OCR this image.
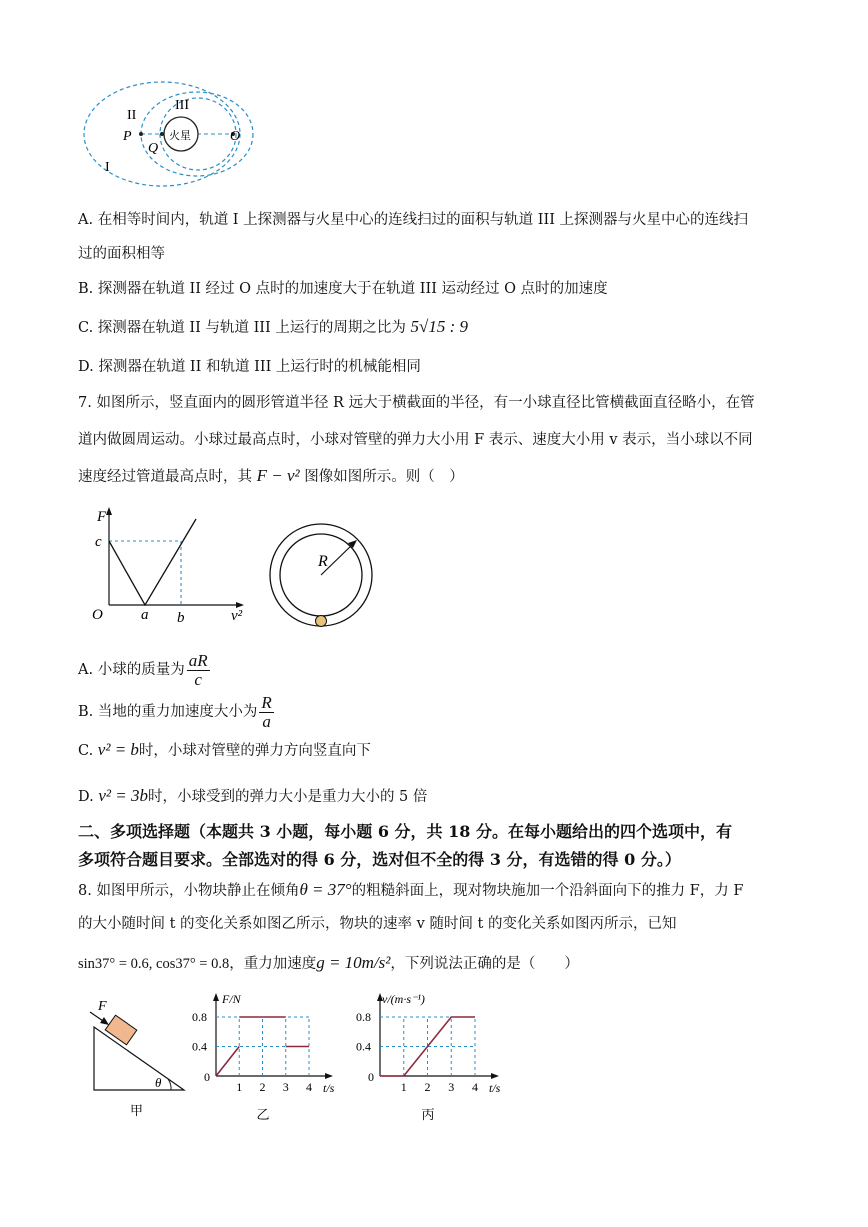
火星
P
Q
O
I
II
III
A. 在相等时间内，轨道 I 上探测器与火星中心的连线扫过的面积与轨道 III 上探测器与火星中心的连线扫
过的面积相等
B. 探测器在轨道 II 经过 O 点时的加速度大于在轨道 III 运动经过 O 点时的加速度
C. 探测器在轨道 II 与轨道 III 上运行的周期之比为 5√15 : 9
D. 探测器在轨道 II 和轨道 III 上运行时的机械能相同
7. 如图所示，竖直面内的圆形管道半径 R 远大于横截面的半径，有一小球直径比管横截面直径略小，在管
道内做圆周运动。小球过最高点时，小球对管壁的弹力大小用 F 表示、速度大小用 v 表示，当小球以不同
速度经过管道最高点时，其 F − v² 图像如图所示。则（　）
F
c
O	a b	v²
R
A. 小球的质量为 $\frac{aR}{c}$
B. 当地的重力加速度大小为 $\frac{R}{a}$
C. v² = b时，小球对管壁的弹力方向竖直向下
D. v² = 3b时，小球受到的弹力大小是重力大小的 5 倍
二、多项选择题（本题共 3 小题，每小题 6 分，共 18 分。在每小题给出的四个选项中，有
多项符合题目要求。全部选对的得 6 分，选对但不全的得 3 分，有选错的得 0 分。）
8. 如图甲所示，小物块静止在倾角θ = 37°的粗糙斜面上，现对物块施加一个沿斜面向下的推力 F，力 F
的大小随时间 t 的变化关系如图乙所示，物块的速率 v 随时间 t 的变化关系如图丙所示，已知
sin37° = 0.6, cos37° = 0.8，重力加速度g = 10m/s²，下列说法正确的是（　　）
F
θ
甲
0
0.4
0.8
1 2 3 4 t/s
F/N
乙
0
0.4
0.8
1 2 3 4 t/s
v/(m·s⁻¹)
丙
